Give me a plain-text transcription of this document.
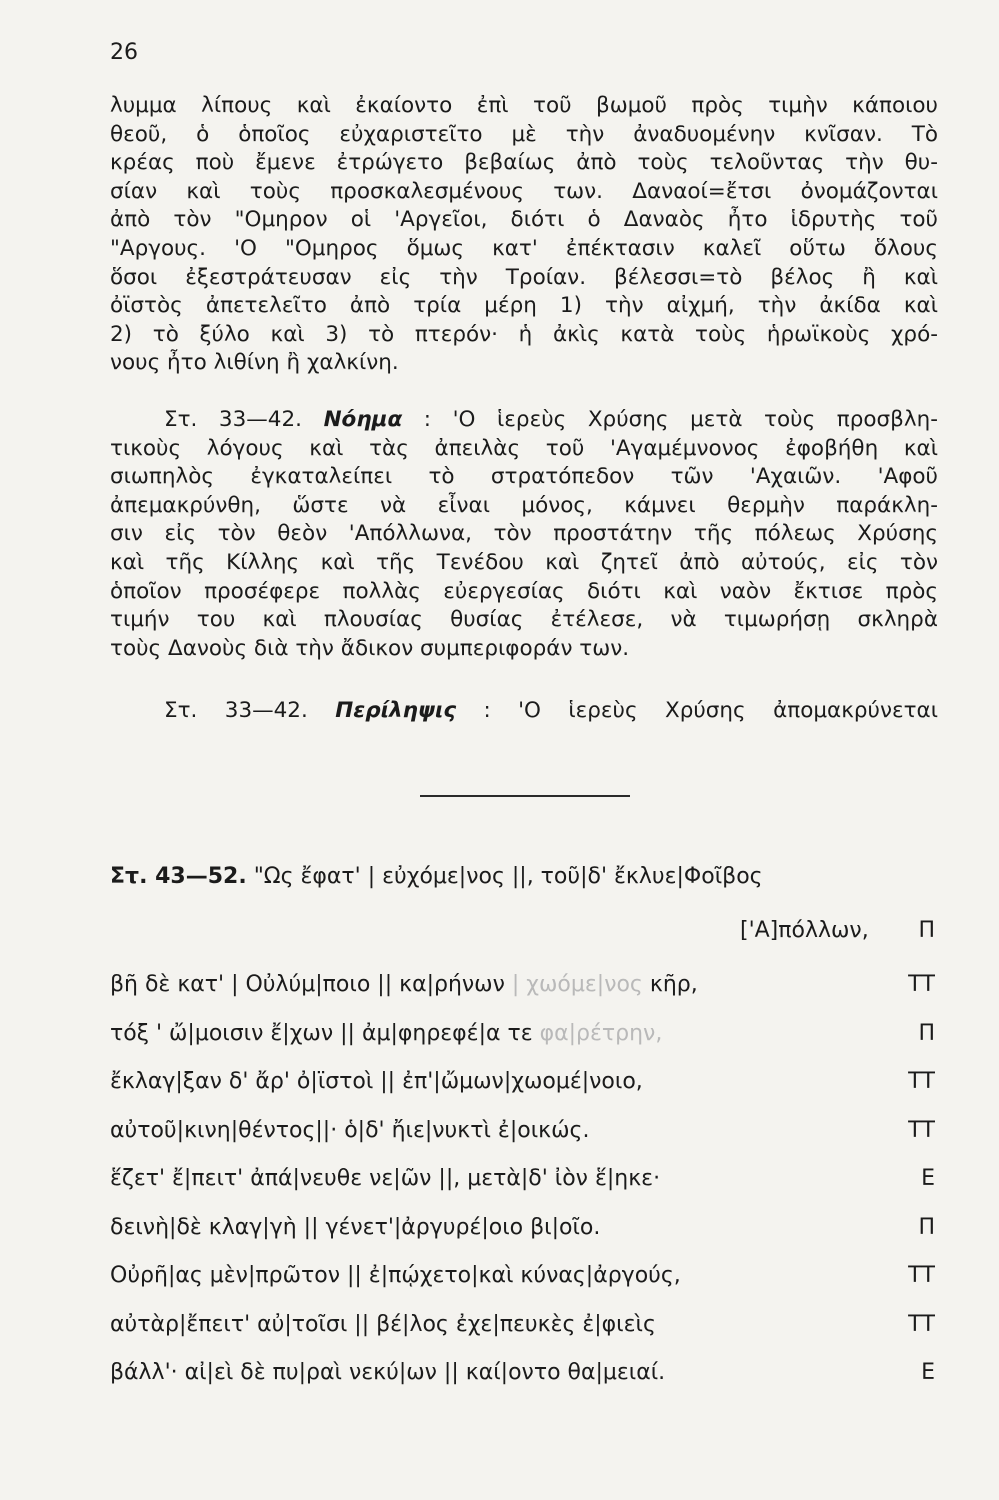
26
λυμμα λίπους καὶ ἐκαίοντο ἐπὶ τοῦ βωμοῦ πρὸς τιμὴν κάποιου
θεοῦ, ὁ ὁποῖος εὐχαριστεῖτο μὲ τὴν ἀναδυομένην κνῖσαν. Τὸ
κρέας ποὺ ἔμενε ἐτρώγετο βεβαίως ἀπὸ τοὺς τελοῦντας τὴν θυ-
σίαν καὶ τοὺς προσκαλεσμένους των. Δαναοί=ἔτσι ὀνομάζονται
ἀπὸ τὸν "Ομηρον οἱ 'Αργεῖοι, διότι ὁ Δαναὸς ἦτο ἱδρυτὴς τοῦ
"Αργους. 'Ο "Ομηρος ὅμως κατ' ἐπέκτασιν καλεῖ οὕτω ὅλους
ὅσοι ἐξεστράτευσαν εἰς τὴν Τροίαν. βέλεσσι=τὸ βέλος ἢ καὶ
ὀϊστὸς ἀπετελεῖτο ἀπὸ τρία μέρη 1) τὴν αἰχμή, τὴν ἀκίδα καὶ
2) τὸ ξύλο καὶ 3) τὸ πτερόν· ἡ ἀκὶς κατὰ τοὺς ἡρωϊκοὺς χρό-
νους ἦτο λιθίνη ἢ χαλκίνη.
Στ. 33—42. Νόημα : 'Ο ἱερεὺς Χρύσης μετὰ τοὺς προσβλη-
τικοὺς λόγους καὶ τὰς ἀπειλὰς τοῦ 'Αγαμέμνονος ἐφοβήθη καὶ
σιωπηλὸς ἐγκαταλείπει τὸ στρατόπεδον τῶν 'Αχαιῶν. 'Αφοῦ
ἀπεμακρύνθη, ὥστε νὰ εἶναι μόνος, κάμνει θερμὴν παράκλη-
σιν εἰς τὸν θεὸν 'Απόλλωνα, τὸν προστάτην τῆς πόλεως Χρύσης
καὶ τῆς Κίλλης καὶ τῆς Τενέδου καὶ ζητεῖ ἀπὸ αὐτούς, εἰς τὸν
ὁποῖον προσέφερε πολλὰς εὐεργεσίας διότι καὶ ναὸν ἔκτισε πρὸς
τιμήν του καὶ πλουσίας θυσίας ἐτέλεσε, νὰ τιμωρήσῃ σκληρὰ
τοὺς Δανοὺς διὰ τὴν ἄδικον συμπεριφοράν των.
Στ. 33—42. Περίληψις : 'Ο ἱερεὺς Χρύσης ἀπομακρύνεται
Στ. 43—52. "Ως ἔφατ' | εὐχόμε|νος ||, τοῦ|δ' ἔκλυε|Φοῖβος
['Α]πόλλων,	Π
βῆ δὲ κατ' | Οὐλύμ|ποιο || κα|ρήνων | χωόμε|νος κῆρ,	ΤΤ
τόξ ' ὤ|μοισιν ἔ|χων || ἀμ|φηρεφέ|α τε φα|ρέτρην,	Π
ἔκλαγ|ξαν δ' ἄρ' ὀ|ϊστοὶ || ἐπ'|ὤμων|χωομέ|νοιο,	ΤΤ
αὐτοῦ|κινη|θέντος||· ὁ|δ' ἤιε|νυκτὶ ἐ|οικώς.	ΤΤ
ἕζετ' ἔ|πειτ' ἀπά|νευθε νε|ῶν ||, μετὰ|δ' ἰὸν ἕ|ηκε·	Ε
δεινὴ|δὲ κλαγ|γὴ || γένετ'|ἀργυρέ|οιο βι|οῖο.	Π
Οὐρῆ|ας μὲν|πρῶτον || ἐ|πῴχετο|καὶ κύνας|ἀργούς,	ΤΤ
αὐτὰρ|ἔπειτ' αὐ|τοῖσι || βέ|λος ἐχε|πευκὲς ἐ|φιεὶς	ΤΤ
βάλλ'· αἰ|εὶ δὲ πυ|ραὶ νεκύ|ων || καί|οντο θα|μειαί.	Ε
